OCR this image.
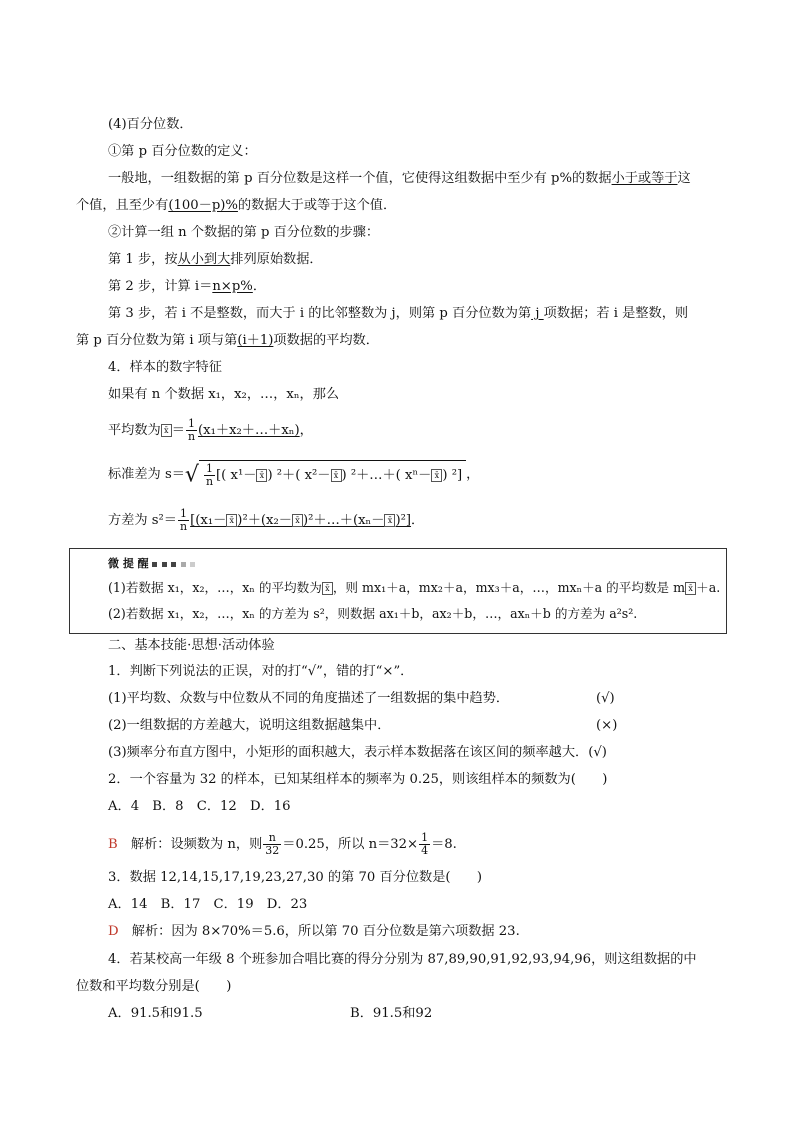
(4)百分位数．
①第 p 百分位数的定义：
一般地，一组数据的第 p 百分位数是这样一个值，它使得这组数据中至少有 p%的数据小于或等于这
个值，且至少有(100－p)%的数据大于或等于这个值．
②计算一组 n 个数据的第 p 百分位数的步骤：
第 1 步，按从小到大排列原始数据．
第 2 步，计算 i＝n×p%．
第 3 步，若 i 不是整数，而大于 i 的比邻整数为 j，则第 p 百分位数为第 j 项数据；若 i 是整数，则
第 p 百分位数为第 i 项与第(i＋1)项数据的平均数．
4．样本的数字特征
如果有 n 个数据 x₁，x₂，…，xₙ，那么
平均数为 x̄ ＝ $\frac{1}{n}$ (x₁＋x₂＋…＋xₙ)，
标准差为 $s=√ \frac{1}{n}$ [( x¹－ x̄ ) ²＋( x²－ x̄ ) ²＋…＋( xⁿ－ x̄ ) ²] ，
方差为 $s^2= \frac{1}{n} [(x_1-$ x̄ )²＋(x₂－ x̄ )²＋…＋(xₙ－ x̄ )²]．
微 提 醒
(1)若数据 x₁，x₂，…，xₙ 的平均数为 x̄ ，则 mx₁＋a，mx₂＋a，mx₃＋a，…，mxₙ＋a 的平均数是 m x̄ ＋a.
(2)若数据 x₁，x₂，…，xₙ 的方差为 s²，则数据 ax₁＋b，ax₂＋b，…，axₙ＋b 的方差为 a²s².
二、基本技能·思想·活动体验
1．判断下列说法的正误，对的打“√”，错的打“×”．
(1)平均数、众数与中位数从不同的角度描述了一组数据的集中趋势．	(√)
(2)一组数据的方差越大，说明这组数据越集中．	(×)
(3)频率分布直方图中，小矩形的面积越大，表示样本数据落在该区间的频率越大．(√)
2．一个容量为 32 的样本，已知某组样本的频率为 0.25，则该组样本的频数为(　　)
A．4　B．8　C．12　D．16
B　解析：设频数为 n，则 $\frac{n}{32} =0.25$，所以 $n=32\times \frac{1}{4} =8$.
3．数据 12,14,15,17,19,23,27,30 的第 70 百分位数是(　　)
A．14　B．17　C．19　D．23
D　解析：因为 8×70%＝5.6，所以第 70 百分位数是第六项数据 23.
4．若某校高一年级 8 个班参加合唱比赛的得分分别为 87,89,90,91,92,93,94,96，则这组数据的中
位数和平均数分别是(　　)
A．91.5和91.5	B．91.5和92
